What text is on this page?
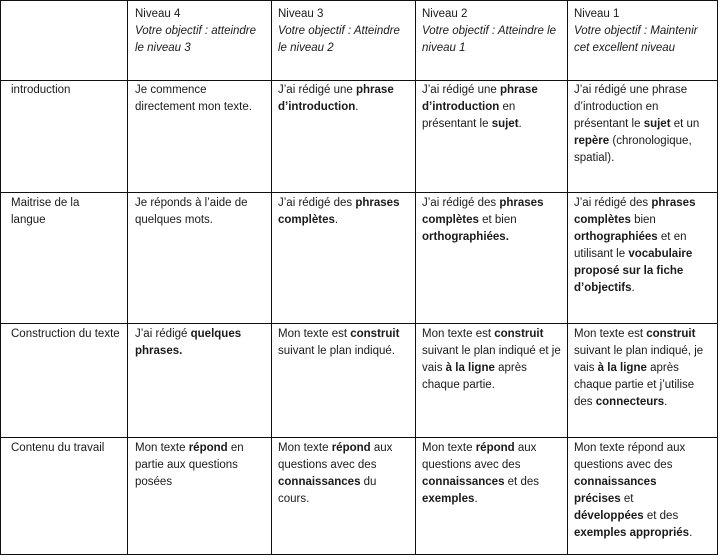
Niveau 4
Votre objectif : atteindre le niveau 3
Niveau 3
Votre objectif : Atteindre le niveau 2
Niveau 2
Votre objectif : Atteindre le niveau 1
Niveau 1
Votre objectif : Maintenir cet excellent niveau
introduction
Maitrise de la langue
Construction du texte
Contenu du travail
Je commence directement mon texte.
J’ai rédigé une phrase d’introduction.
J’ai rédigé une phrase d’introduction en présentant le sujet.
J’ai rédigé une phrase d’introduction en présentant le sujet et un repère (chronologique, spatial).
Je réponds à l’aide de quelques mots.
J’ai rédigé des phrases complètes.
J’ai rédigé des phrases complètes et bien orthographiées.
J’ai rédigé des phrases complètes bien orthographiées et en utilisant le vocabulaire proposé sur la fiche d’objectifs.
J’ai rédigé quelques phrases.
Mon texte est construit suivant le plan indiqué.
Mon texte est construit suivant le plan indiqué et je vais à la ligne après chaque partie.
Mon texte est construit suivant le plan indiqué, je vais à la ligne après chaque partie et j’utilise des connecteurs.
Mon texte répond en partie aux questions posées
Mon texte répond aux questions avec des connaissances du cours.
Mon texte répond aux questions avec des connaissances et des exemples.
Mon texte répond aux questions avec des connaissances précises et développées et des exemples appropriés.
